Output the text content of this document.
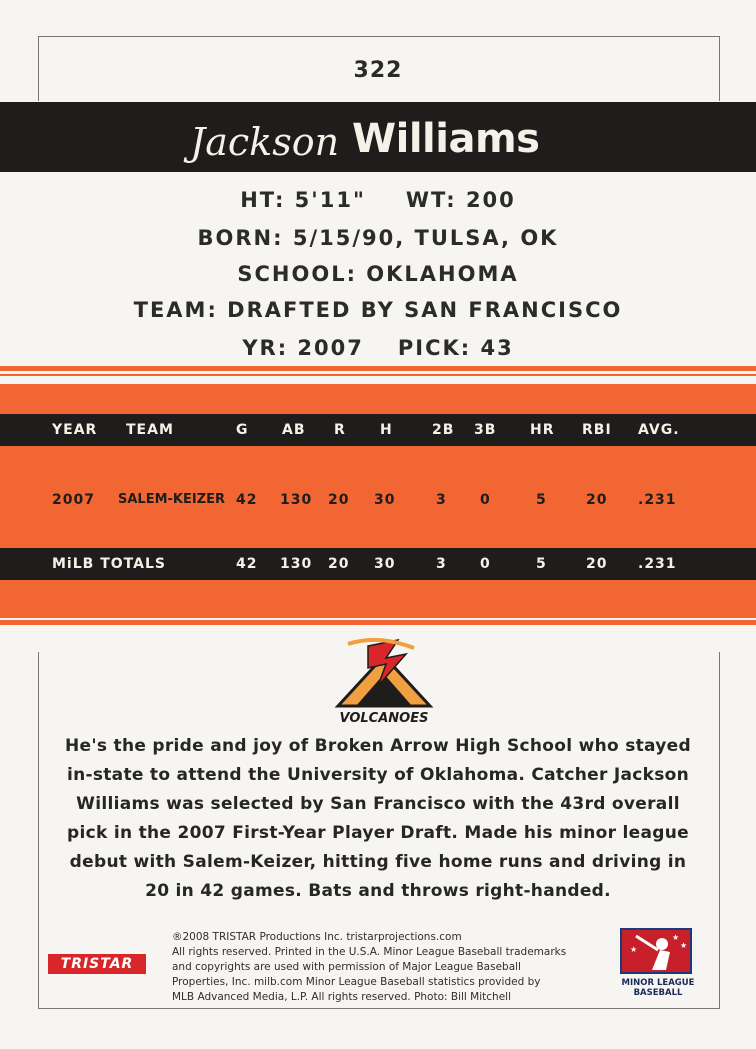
322
Jackson Williams
HT: 5'11" WT: 200
BORN: 5/15/90, TULSA, OK
SCHOOL: OKLAHOMA
TEAM: DRAFTED BY SAN FRANCISCO
YR: 2007 PICK: 43
YEAR TEAM	G AB R H	2B 3B HR RBI AVG.
2007 SALEM-KEIZER 42 130 20 30	3 0	5	20 .231
MiLB TOTALS	42 130 20 30	3 0	5	20 .231
VOLCANOES
He's the pride and joy of Broken Arrow High School who stayed
in-state to attend the University of Oklahoma. Catcher Jackson
Williams was selected by San Francisco with the 43rd overall
pick in the 2007 First-Year Player Draft. Made his minor league
debut with Salem-Keizer, hitting five home runs and driving in
20 in 42 games. Bats and throws right-handed.
TRISTAR
®2008 TRISTAR Productions Inc. tristarprojections.com
All rights reserved. Printed in the U.S.A. Minor League Baseball trademarks
and copyrights are used with permission of Major League Baseball
Properties, Inc. milb.com Minor League Baseball statistics provided by
MLB Advanced Media, L.P. All rights reserved. Photo: Bill Mitchell
★
★
★
MINOR LEAGUE
BASEBALL
